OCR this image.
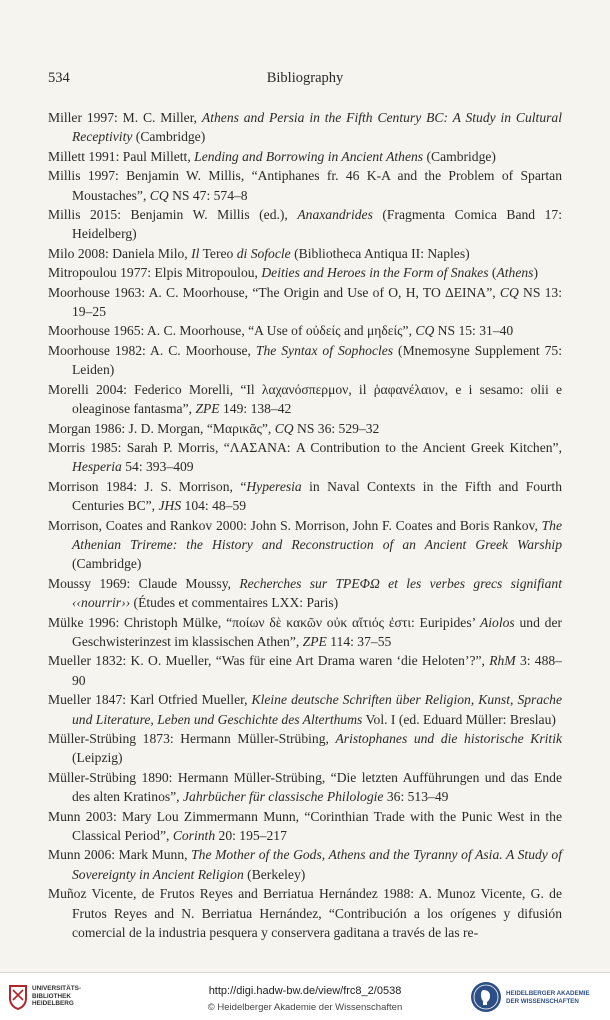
534	Bibliography
Miller 1997: M. C. Miller, Athens and Persia in the Fifth Century BC: A Study in Cultural Receptivity (Cambridge)
Millett 1991: Paul Millett, Lending and Borrowing in Ancient Athens (Cambridge)
Millis 1997: Benjamin W. Millis, “Antiphanes fr. 46 K-A and the Problem of Spartan Moustaches”, CQ NS 47: 574–8
Millis 2015: Benjamin W. Millis (ed.), Anaxandrides (Fragmenta Comica Band 17: Heidelberg)
Milo 2008: Daniela Milo, Il Tereo di Sofocle (Bibliotheca Antiqua II: Naples)
Mitropoulou 1977: Elpis Mitropoulou, Deities and Heroes in the Form of Snakes (Athens)
Moorhouse 1963: A. C. Moorhouse, “The Origin and Use of O, H, TO ΔΕΙΝΑ”, CQ NS 13: 19–25
Moorhouse 1965: A. C. Moorhouse, “A Use of οὐδείς and μηδείς”, CQ NS 15: 31–40
Moorhouse 1982: A. C. Moorhouse, The Syntax of Sophocles (Mnemosyne Supplement 75: Leiden)
Morelli 2004: Federico Morelli, “Il λαχανόσπερμον, il ῥαφανέλαιον, e i sesamo: olii e oleaginose fantasma”, ZPE 149: 138–42
Morgan 1986: J. D. Morgan, “Μαρικᾶς”, CQ NS 36: 529–32
Morris 1985: Sarah P. Morris, “ΛΑΣΑΝΑ: A Contribution to the Ancient Greek Kitchen”, Hesperia 54: 393–409
Morrison 1984: J. S. Morrison, “Hyperesia in Naval Contexts in the Fifth and Fourth Centuries BC”, JHS 104: 48–59
Morrison, Coates and Rankov 2000: John S. Morrison, John F. Coates and Boris Rankov, The Athenian Trireme: the History and Reconstruction of an Ancient Greek Warship (Cambridge)
Moussy 1969: Claude Moussy, Recherches sur ΤΡΕΦΩ et les verbes grecs signifiant ‹‹nourrir›› (Études et commentaires LXX: Paris)
Mülke 1996: Christoph Mülke, “ποίων δὲ κακῶν οὐκ αἴτιός ἐστι: Euripides’ Aiolos und der Geschwisterinzest im klassischen Athen”, ZPE 114: 37–55
Mueller 1832: K. O. Mueller, “Was für eine Art Drama waren ‘die Heloten’?”, RhM 3: 488–90
Mueller 1847: Karl Otfried Mueller, Kleine deutsche Schriften über Religion, Kunst, Sprache und Literature, Leben und Geschichte des Alterthums Vol. I (ed. Eduard Müller: Breslau)
Müller-Strübing 1873: Hermann Müller-Strübing, Aristophanes und die historische Kritik (Leipzig)
Müller-Strübing 1890: Hermann Müller-Strübing, “Die letzten Aufführungen und das Ende des alten Kratinos”, Jahrbücher für classische Philologie 36: 513–49
Munn 2003: Mary Lou Zimmermann Munn, “Corinthian Trade with the Punic West in the Classical Period”, Corinth 20: 195–217
Munn 2006: Mark Munn, The Mother of the Gods, Athens and the Tyranny of Asia. A Study of Sovereignty in Ancient Religion (Berkeley)
Muñoz Vicente, de Frutos Reyes and Berriatua Hernández 1988: A. Munoz Vicente, G. de Frutos Reyes and N. Berriatua Hernández, “Contribución a los orígenes y difusión comercial de la industria pesquera y conservera gaditana a través de las re-
UNIVERSITÄTS-
BIBLIOTHEK
HEIDELBERG
http://digi.hadw-bw.de/view/frc8_2/0538
© Heidelberger Akademie der Wissenschaften
HEIDELBERGER AKADEMIE
DER WISSENSCHAFTEN
